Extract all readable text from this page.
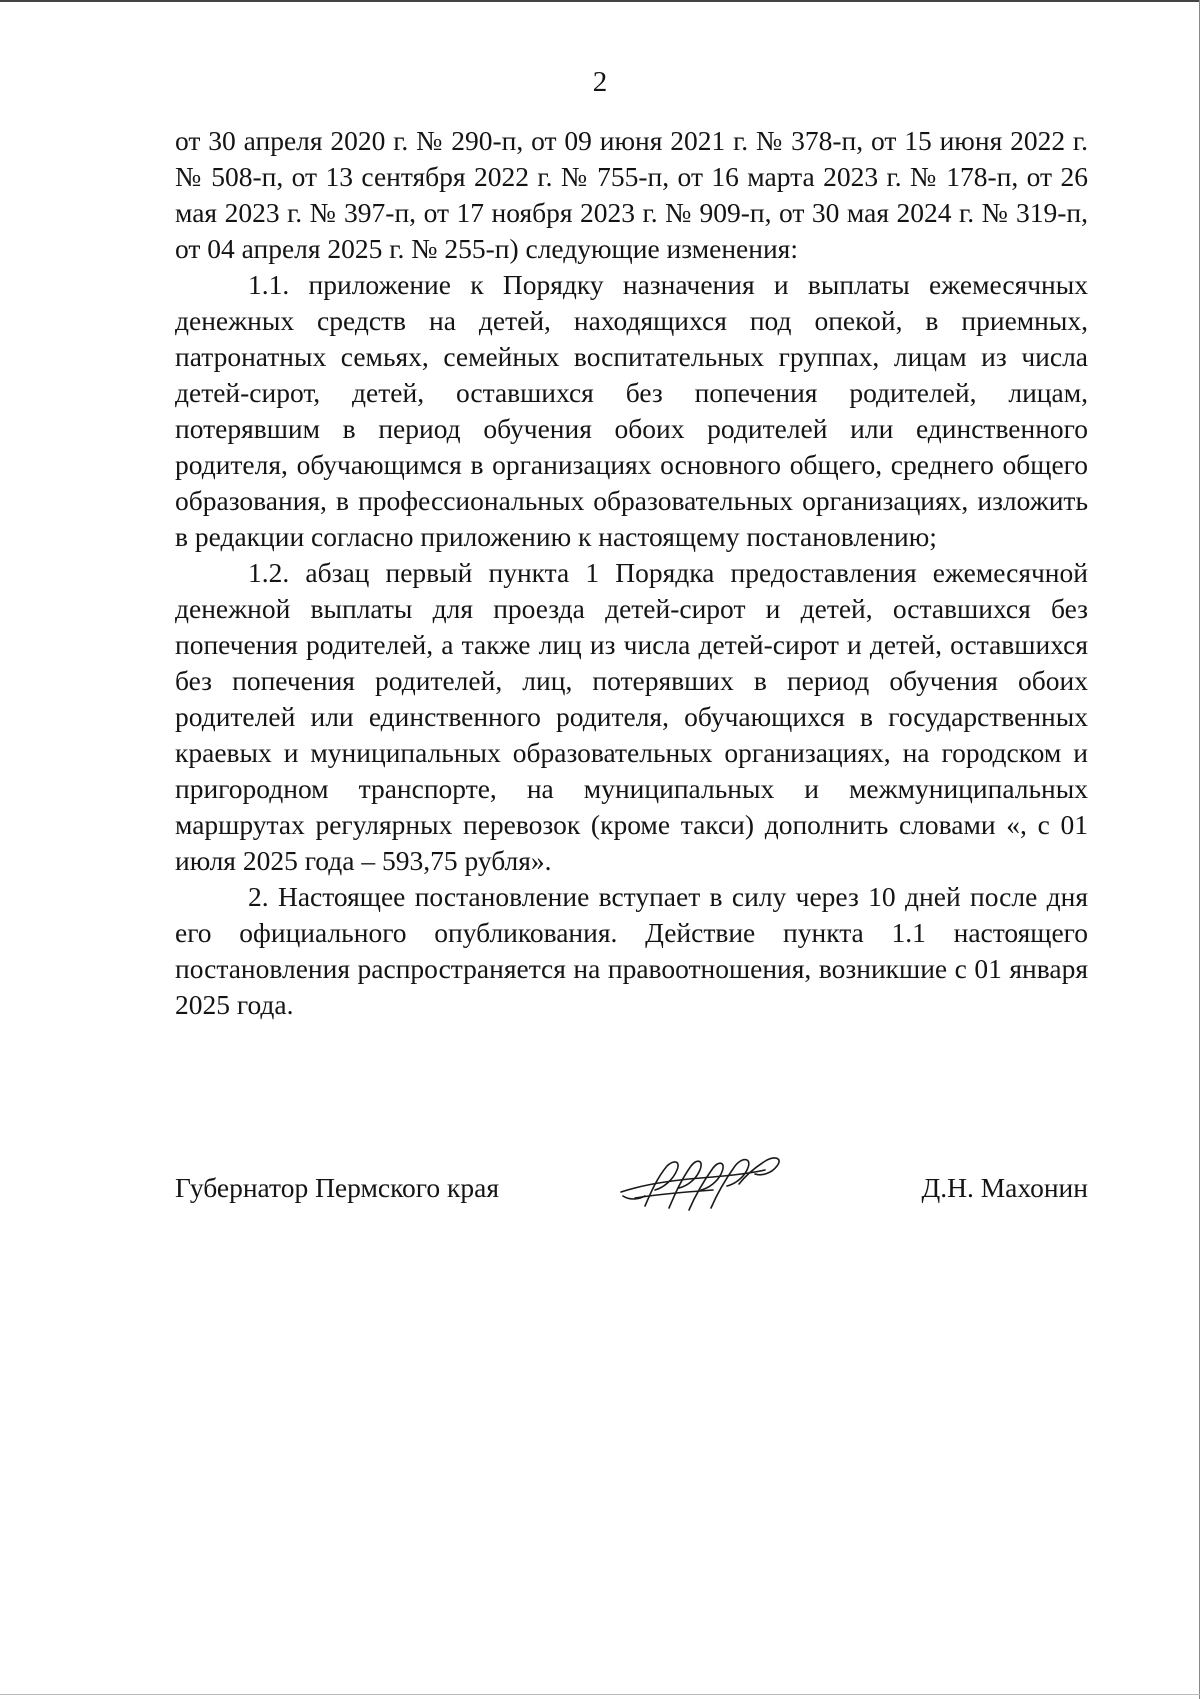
2

от 30 апреля 2020 г. № 290-п, от 09 июня 2021 г. № 378-п, от 15 июня 2022 г. № 508-п, от 13 сентября 2022 г. № 755-п, от 16 марта 2023 г. № 178-п, от 26 мая 2023 г. № 397-п, от 17 ноября 2023 г. № 909-п, от 30 мая 2024 г. № 319-п, от 04 апреля 2025 г. № 255-п) следующие изменения:

1.1. приложение к Порядку назначения и выплаты ежемесячных денежных средств на детей, находящихся под опекой, в приемных, патронатных семьях, семейных воспитательных группах, лицам из числа детей-сирот, детей, оставшихся без попечения родителей, лицам, потерявшим в период обучения обоих родителей или единственного родителя, обучающимся в организациях основного общего, среднего общего образования, в профессиональных образовательных организациях, изложить в редакции согласно приложению к настоящему постановлению;

1.2. абзац первый пункта 1 Порядка предоставления ежемесячной денежной выплаты для проезда детей-сирот и детей, оставшихся без попечения родителей, а также лиц из числа детей-сирот и детей, оставшихся без попечения родителей, лиц, потерявших в период обучения обоих родителей или единственного родителя, обучающихся в государственных краевых и муниципальных образовательных организациях, на городском и пригородном транспорте, на муниципальных и межмуниципальных маршрутах регулярных перевозок (кроме такси) дополнить словами «, с 01 июля 2025 года – 593,75 рубля».

2. Настоящее постановление вступает в силу через 10 дней после дня его официального опубликования. Действие пункта 1.1 настоящего постановления распространяется на правоотношения, возникшие с 01 января 2025 года.

Губернатор Пермского края	Д.Н. Махонин
